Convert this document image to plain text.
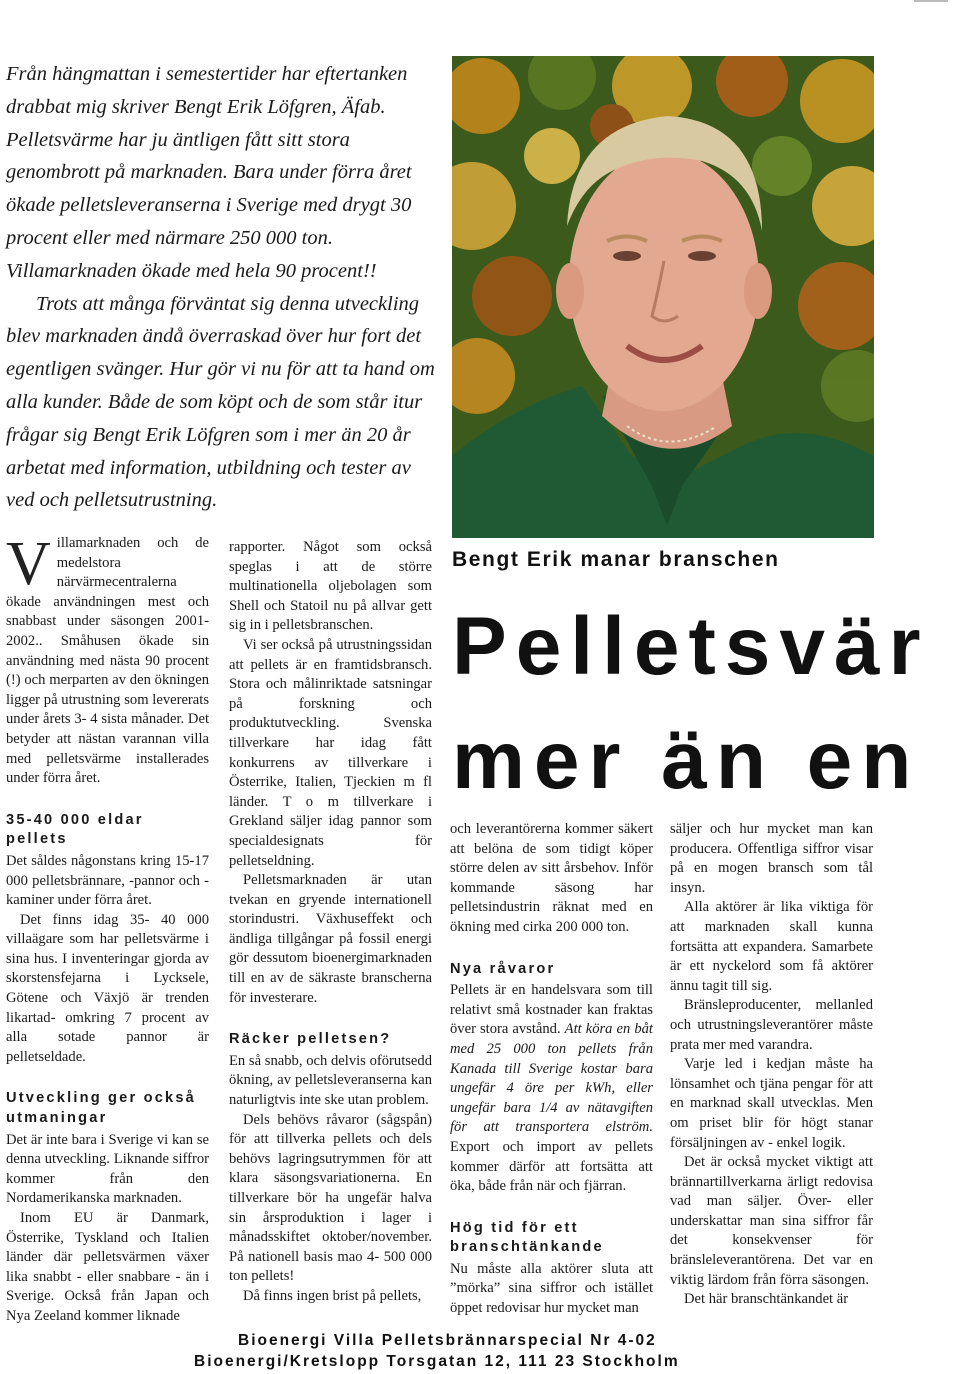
Från hängmattan i semestertider har eftertanken drabbat mig skriver Bengt Erik Löfgren, Äfab. Pelletsvärme har ju äntligen fått sitt stora genombrott på marknaden. Bara under förra året ökade pelletsleveranserna i Sverige med drygt 30 procent eller med närmare 250 000 ton. Villamarknaden ökade med hela 90 procent!!

Trots att många förväntat sig denna utveckling blev marknaden ändå överraskad över hur fort det egentligen svänger. Hur gör vi nu för att ta hand om alla kunder. Både de som köpt och de som står itur frågar sig Bengt Erik Löfgren som i mer än 20 år arbetat med information, utbildning och tester av ved och pelletsutrustning.

Bengt Erik manar branschen
Pelletsvär
mer än en

Villamarknaden och de medelstora närvärmecentralerna ökade användningen mest och snabbast under säsongen 2001-2002.. Småhusen ökade sin användning med nästa 90 procent (!) och merparten av den ökningen ligger på utrustning som levererats under årets 3- 4 sista månader. Det betyder att nästan varannan villa med pelletsvärme installerades under förra året.

35-40 000 eldar pellets

Det såldes någonstans kring 15-17 000 pelletsbrännare, -pannor och -kaminer under förra året.

Det finns idag 35- 40 000 villaägare som har pelletsvärme i sina hus. I inventeringar gjorda av skorstensfejarna i Lycksele, Götene och Växjö är trenden likartad- omkring 7 procent av alla sotade pannor är pelletseldade.

Utveckling ger också utmaningar

Det är inte bara i Sverige vi kan se denna utveckling. Liknande siffror kommer från den Nordamerikanska marknaden.

Inom EU är Danmark, Österrike, Tyskland och Italien länder där pelletsvärmen växer lika snabbt - eller snabbare - än i Sverige. Också från Japan och Nya Zeeland kommer liknade

rapporter. Något som också speglas i att de större multinationella oljebolagen som Shell och Statoil nu på allvar gett sig in i pelletsbranschen.

Vi ser också på utrustningssidan att pellets är en framtidsbransch. Stora och målinriktade satsningar på forskning och produktutveckling. Svenska tillverkare har idag fått konkurrens av tillverkare i Österrike, Italien, Tjeckien m fl länder. T o m tillverkare i Grekland säljer idag pannor som specialdesignats för pelletseldning.

Pelletsmarknaden är utan tvekan en gryende internationell storindustri. Växhuseffekt och ändliga tillgångar på fossil energi gör dessutom bioenergimarknaden till en av de säkraste branscherna för investerare.

Räcker pelletsen?

En så snabb, och delvis oförutsedd ökning, av pelletsleveranserna kan naturligtvis inte ske utan problem.

Dels behövs råvaror (sågspån) för att tillverka pellets och dels behövs lagringsutrymmen för att klara säsongsvariationerna. En tillverkare bör ha ungefär halva sin årsproduktion i lager i månadsskiftet oktober/november. På nationell basis mao 4- 500 000 ton pellets!

Då finns ingen brist på pellets,

och leverantörerna kommer säkert att belöna de som tidigt köper större delen av sitt årsbehov. Inför kommande säsong har pelletsindustrin räknat med en ökning med cirka 200 000 ton.

Nya råvaror

Pellets är en handelsvara som till relativt små kostnader kan fraktas över stora avstånd. Att köra en båt med 25 000 ton pellets från Kanada till Sverige kostar bara ungefär 4 öre per kWh, eller ungefär bara 1/4 av nätavgiften för att transportera elström. Export och import av pellets kommer därför att fortsätta att öka, både från när och fjärran.

Hög tid för ett branschtänkande

Nu måste alla aktörer sluta att ”mörka” sina siffror och istället öppet redovisar hur mycket man

säljer och hur mycket man kan producera. Offentliga siffror visar på en mogen bransch som tål insyn.

Alla aktörer är lika viktiga för att marknaden skall kunna fortsätta att expandera. Samarbete är ett nyckelord som få aktörer ännu tagit till sig.

Bränsleproducenter, mellanled och utrustningsleverantörer måste prata mer med varandra.

Varje led i kedjan måste ha lönsamhet och tjäna pengar för att en marknad skall utvecklas. Men om priset blir för högt stanar försäljningen av - enkel logik.

Det är också mycket viktigt att brännartillverkarna ärligt redovisa vad man säljer. Över- eller underskattar man sina siffror får det konsekvenser för bränsleleverantörena. Det var en viktig lärdom från förra säsongen.

Det här branschtänkandet är

Bioenergi Villa Pelletsbrännarspecial Nr 4-02
Bioenergi/Kretslopp Torsgatan 12, 111 23 Stockholm
